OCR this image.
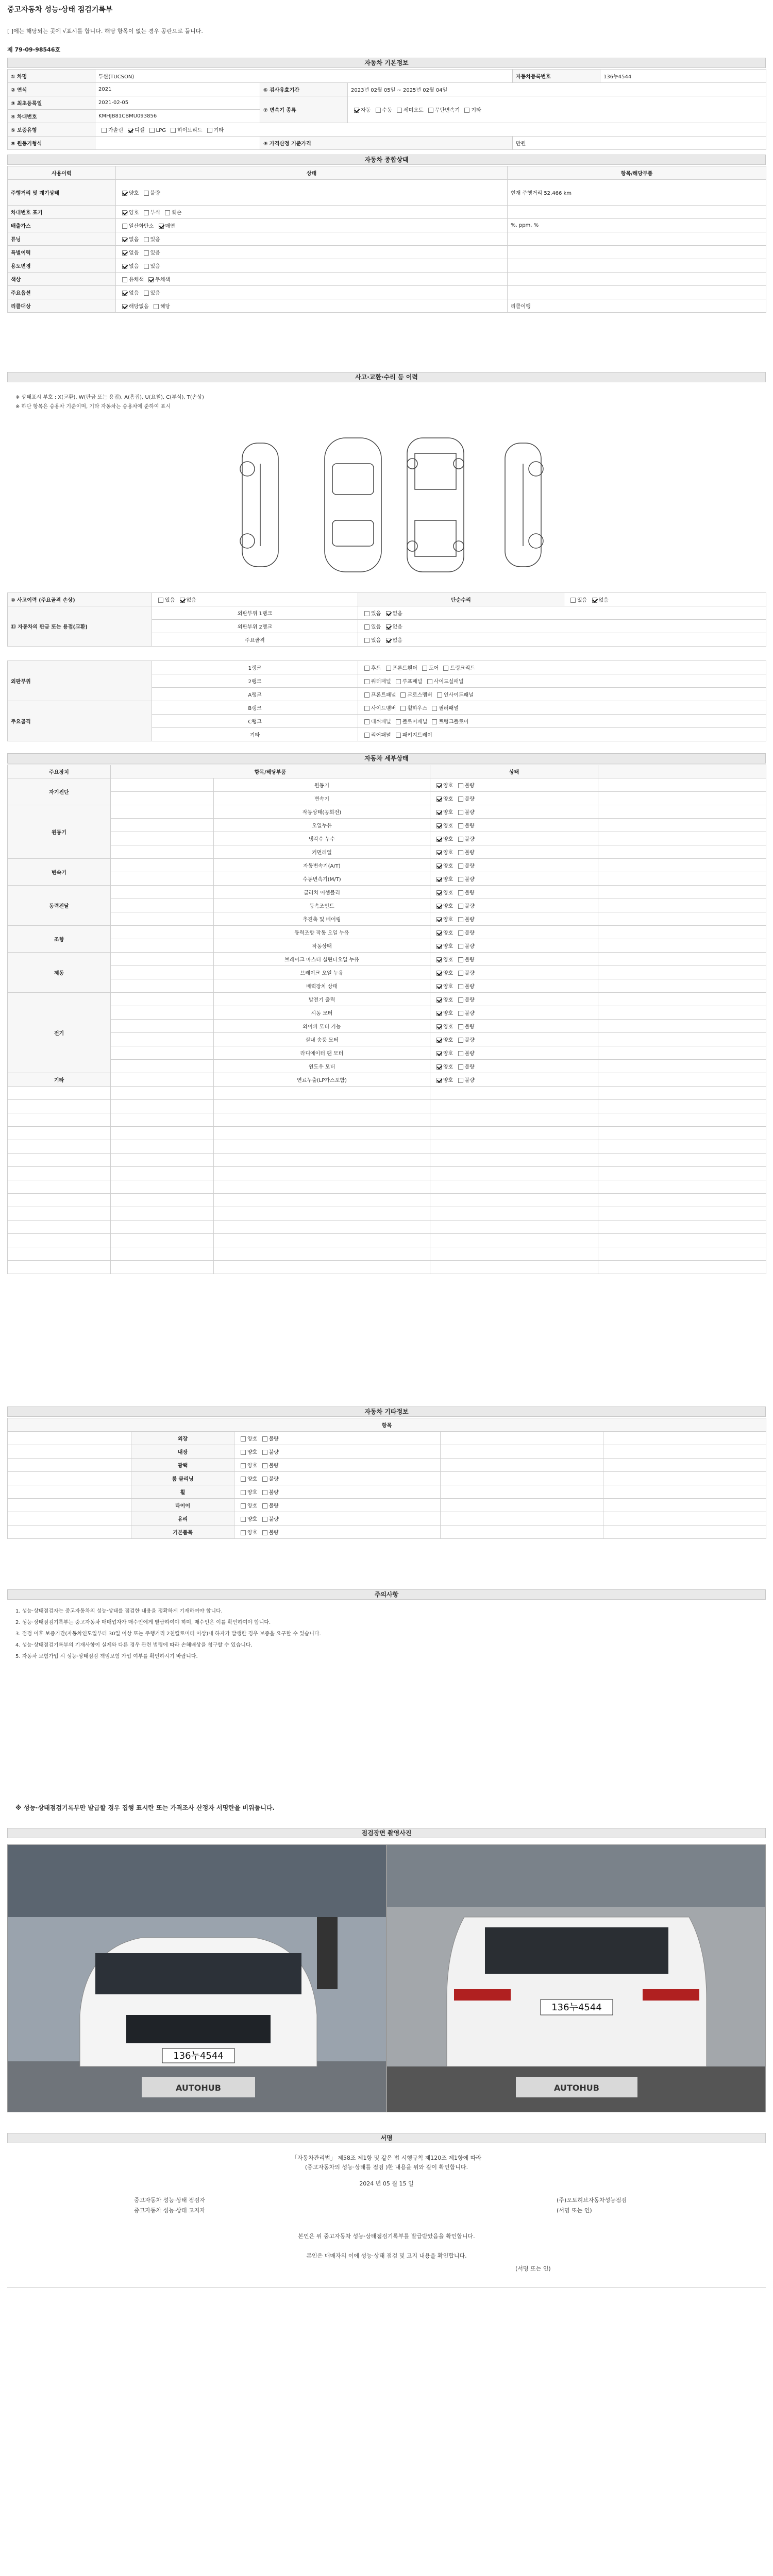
중고자동차 성능·상태 점검기록부
[ ]에는 해당되는 곳에 √표시를 합니다. 해당 항목이 없는 경우 공란으로 둡니다.
제 79-09-98546호
자동차 기본정보
① 차명	투싼(TUCSON)			자동차등록번호	136누4544
② 연식	2021	⑥ 검사유효기간	2023년 02월 05일 ~ 2025년 02월 04일		
③ 최초등록일	2021-02-05	⑦ 변속기 종류	자동 수동 세미오토 무단변속기 기타		
④ 차대번호	KMHJB81CBMU093856				
⑤ 보증유형	가솔린 디젤 LPG 하이브리드 기타				
⑧ 원동기형식		⑨ 가격산정 기준가격		만원	
자동차 종합상태
사용이력	상태	항목/해당부품
주행거리 및 계기상태	양호 불량	현재 주행거리 52,466 km
차대번호 표기	양호 부식 훼손	
배출가스	일산화탄소 매연	%, ppm, %
튜닝	없음 있음	
특별이력	없음 있음	
용도변경	없음 있음	
색상	유채색 무채색	
주요옵션	없음 있음	
리콜대상	해당없음 해당	리콜이행
사고·교환·수리 등 이력
※ 상태표시 부호 : X(교환), W(판금 또는 용접), A(흠집), U(요철), C(부식), T(손상)
※ 하단 항목은 승용차 기준이며, 기타 자동차는 승용차에 준하여 표시
⑩ 사고이력 (주요골격 손상)	있음 없음	단순수리	있음 없음
⑪ 자동차의 판금 또는 용접(교환)	외판부위 1랭크	있음 없음	
	외판부위 2랭크	있음 없음	
	주요골격	있음 없음	
외판부위	1랭크	후드 프론트휀더 도어 트렁크리드
	2랭크	쿼터패널 루프패널 사이드실패널
	A랭크	프론트패널 크로스멤버 인사이드패널
주요골격	B랭크	사이드멤버 휠하우스 필러패널
	C랭크	대쉬패널 플로어패널 트렁크플로어
	기타	리어패널 패키지트레이
자동차 세부상태
주요장치	항목/해당부품		상태	
자기진단		원동기	양호 불량	
		변속기	양호 불량	
원동기		작동상태(공회전)	양호 불량	
		오일누유	양호 불량	
		냉각수 누수	양호 불량	
		커먼레일	양호 불량	
변속기		자동변속기(A/T)	양호 불량	
		수동변속기(M/T)	양호 불량	
동력전달		클러치 어셈블리	양호 불량	
		등속조인트	양호 불량	
		추진축 및 베어링	양호 불량	
조향		동력조향 작동 오일 누유	양호 불량	
		작동상태	양호 불량	
제동		브레이크 마스터 실린더오일 누유	양호 불량	
		브레이크 오일 누유	양호 불량	
		배력장치 상태	양호 불량	
전기		발전기 출력	양호 불량	
		시동 모터	양호 불량	
		와이퍼 모터 기능	양호 불량	
		실내 송풍 모터	양호 불량	
		라디에이터 팬 모터	양호 불량	
		윈도우 모터	양호 불량	
기타		연료누출(LP가스포함)	양호 불량	

자동차 기타정보
항목				
	외장	양호 불량		
	내장	양호 불량		
	광택	양호 불량		
	룸 클리닝	양호 불량		
	휠	양호 불량		
	타이어	양호 불량		
	유리	양호 불량		
	기본품목	양호 불량		
주의사항
1. 성능·상태점검자는 중고자동차의 성능·상태를 점검한 내용을 정확하게 기재하여야 합니다.
2. 성능·상태점검기록부는 중고자동차 매매업자가 매수인에게 발급하여야 하며, 매수인은 이를 확인하여야 합니다.
3. 점검 이후 보증기간(자동차인도일부터 30일 이상 또는 주행거리 2천킬로미터 이상)내 하자가 발생한 경우 보증을 요구할 수 있습니다.
4. 성능·상태점검기록부의 기재사항이 실제와 다른 경우 관련 법령에 따라 손해배상을 청구할 수 있습니다.
5. 자동차 보험가입 시 성능·상태점검 책임보험 가입 여부를 확인하시기 바랍니다.
※ 성능·상태점검기록부만 발급할 경우 집행 표시란 또는 가격조사 산정자 서명란을 비워둡니다.
점검장면 촬영사진
136누4544
AUTOHUB
136누4544
AUTOHUB
서명
「자동차관리법」 제58조 제1항 및 같은 법 시행규칙 제120조 제1항에 따라
(중고자동차의 성능·상태를 점검 )한 내용을 위와 같이 확인합니다.
2024 년 05 월 15 일
중고자동차 성능·상태 점검자	(주)오토허브자동차성능점검
중고자동차 성능·상태 고지자	(서명 또는 인)
본인은 위 중고자동차 성능·상태점검기록부를 발급받았음을 확인합니다.
본인은 매매자의 이에 성능·상태 점검 및 고지 내용을 확인합니다.
(서명 또는 인)
